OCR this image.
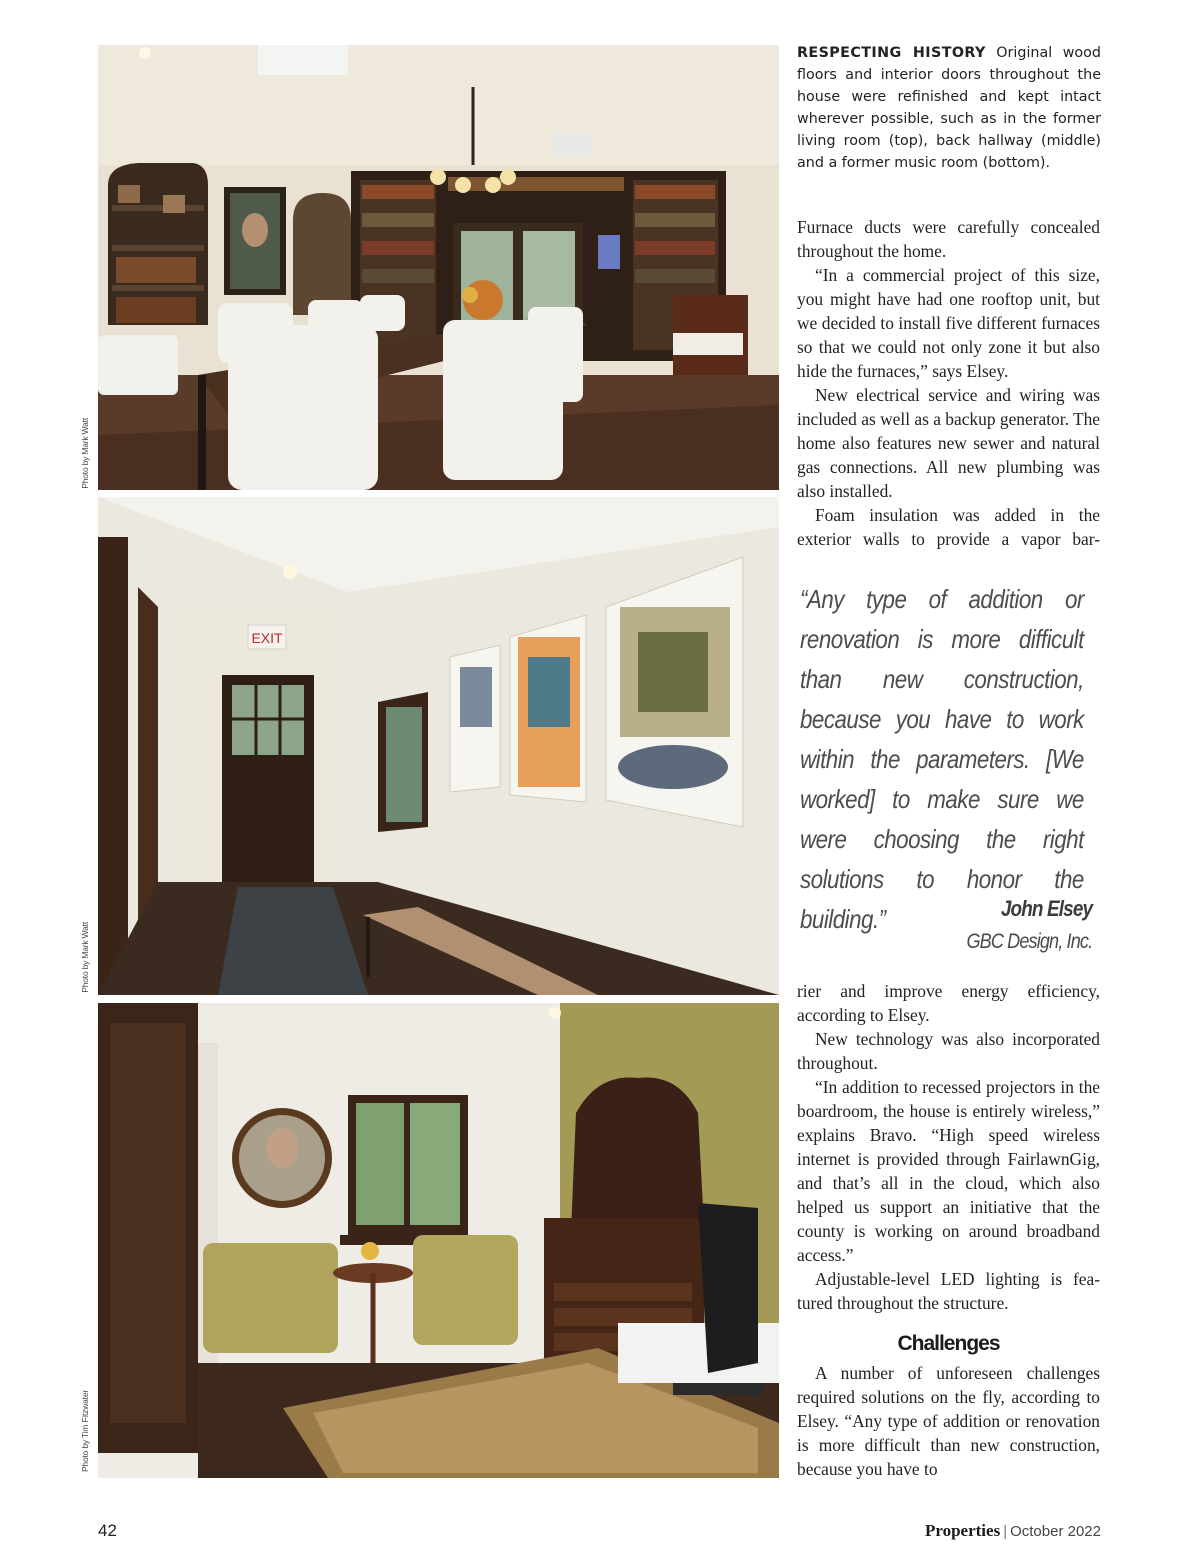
Photo by Mark Watt
EXIT
Photo by Mark Watt
Photo by Tim Fitzwater
RESPECTING HISTORY Original wood floors and interior doors throughout the house were refinished and kept intact wherever possible, such as in the former living room (top), back hallway (middle) and a former music room (bottom).

Furnace ducts were carefully concealed throughout the home.

“In a commercial project of this size, you might have had one rooftop unit, but we decided to install five different furnaces so that we could not only zone it but also hide the furnaces,” says Elsey.

New electrical service and wiring was included as well as a backup generator. The home also features new sewer and natural gas connections. All new plumbing was also installed.

Foam insulation was added in the exterior walls to provide a vapor bar-

“Any type of addition or renovation is more difficult than new construction, because you have to work within the parameters. [We worked] to make sure we were choosing the right solutions to honor the building.”	John Elsey
GBC Design, Inc.

rier and improve energy efficiency, according to Elsey.

New technology was also incorporated throughout.

“In addition to recessed projectors in the boardroom, the house is entirely wireless,” explains Bravo. “High speed wireless internet is provided through FairlawnGig, and that’s all in the cloud, which also helped us support an initiative that the county is working on around broadband access.”

Adjustable-level LED lighting is featured throughout the structure.

Challenges

A number of unforeseen challenges required solutions on the fly, according to Elsey. “Any type of addition or renovation is more difficult than new construction, because you have to

42	Properties | October 2022
